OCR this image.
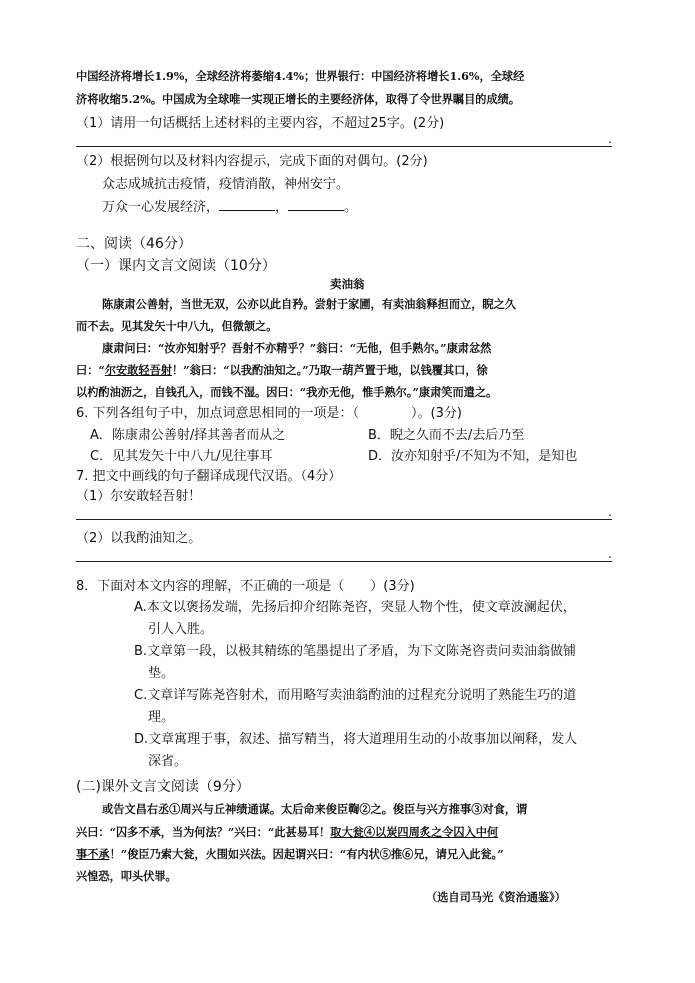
中国经济将增长1.9%，全球经济将萎缩4.4%；世界银行：中国经济将增长1.6%，全球经

济将收缩5.2%。中国成为全球唯一实现正增长的主要经济体，取得了令世界瞩目的成绩。

（1）请用一句话概括上述材料的主要内容，不超过25字。(2分)

.

（2）根据例句以及材料内容提示，完成下面的对偶句。(2分)

众志成城抗击疫情，疫情消散，神州安宁。

万众一心发展经济，	，	。

二、阅读（46分）

（一）课内文言文阅读（10分）

卖油翁

陈康肃公善射，当世无双，公亦以此自矜。尝射于家圃，有卖油翁释担而立，睨之久

而不去。见其发矢十中八九，但微颔之。

康肃问曰：“汝亦知射乎？吾射不亦精乎？”翁曰：“无他，但手熟尔。”康肃忿然

曰：“尔安敢轻吾射！”翁曰：“以我酌油知之。”乃取一葫芦置于地，以钱覆其口，徐

以杓酌油沥之，自钱孔入，而钱不湿。因曰：“我亦无他，惟手熟尔。”康肃笑而遣之。

6. 下列各组句子中，加点词意思相同的一项是：（　　　　）。(3分)

A．陈康肃公善射/择其善者而从之	B．睨之久而不去/去后乃至

C．见其发矢十中八九/见往事耳	D．汝亦知射乎/不知为不知，是知也

7. 把文中画线的句子翻译成现代汉语。（4分）

（1）尔安敢轻吾射！

.

（2）以我酌油知之。

.

8．下面对本文内容的理解，不正确的一项是（　　）(3分)

A.本文以褒扬发端，先扬后抑介绍陈尧咨，突显人物个性，使文章波澜起伏，

引人入胜。

B.文章第一段，以极其精练的笔墨提出了矛盾，为下文陈尧咨责问卖油翁做铺

垫。

C.文章详写陈尧咨射术，而用略写卖油翁酌油的过程充分说明了熟能生巧的道

理。

D.文章寓理于事，叙述、描写精当，将大道理用生动的小故事加以阐释，发人

深省。

(二)课外文言文阅读（9分）

或告文昌右丞①周兴与丘神绩通谋。太后命来俊臣鞫②之。俊臣与兴方推事③对食，谓

兴曰：“囚多不承，当为何法？”兴曰：“此甚易耳！取大瓮④以炭四周炙之令囚入中何

事不承！”俊臣乃索大瓮，火围如兴法。因起谓兴曰：“有内状⑤推⑥兄，请兄入此瓮。”

兴惶恐，叩头伏罪。

（选自司马光《资治通鉴》）
